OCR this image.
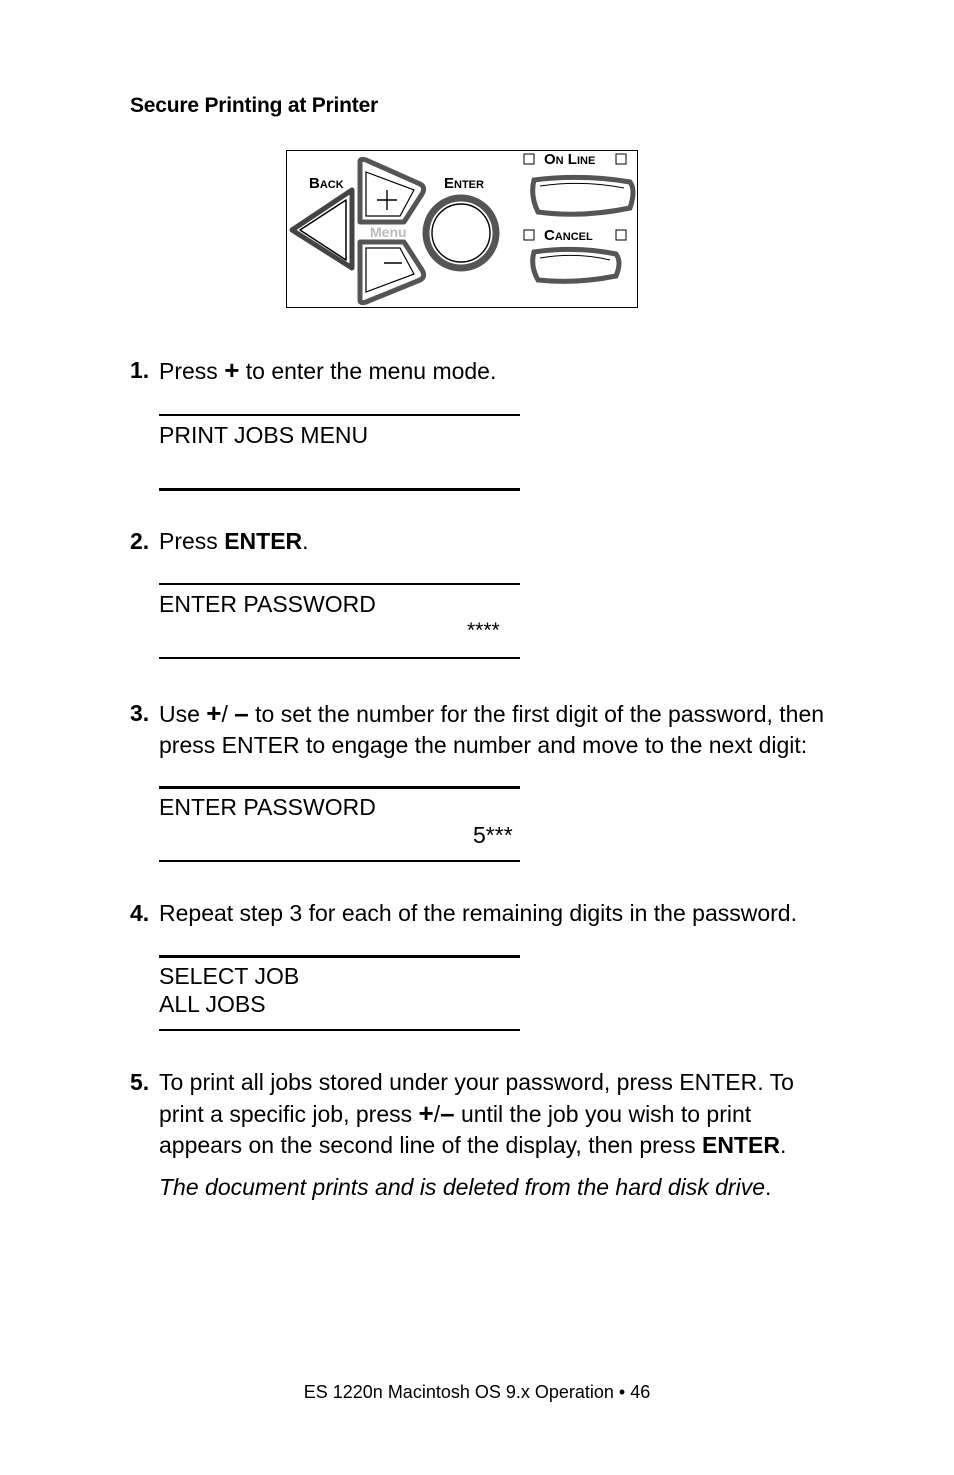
Secure Printing at Printer
Menu
Back	Enter
On Line
Cancel
1. Press + to enter the menu mode.
PRINT JOBS MENU
2. Press ENTER.
ENTER PASSWORD
****
3. Use +/ – to set the number for the first digit of the password, then
press ENTER to engage the number and move to the next digit:
ENTER PASSWORD
5***
4. Repeat step 3 for each of the remaining digits in the password.
SELECT JOB
ALL JOBS
5. To print all jobs stored under your password, press ENTER. To
print a specific job, press +/– until the job you wish to print
appears on the second line of the display, then press ENTER.
The document prints and is deleted from the hard disk drive.
ES 1220n Macintosh OS 9.x Operation • 46
